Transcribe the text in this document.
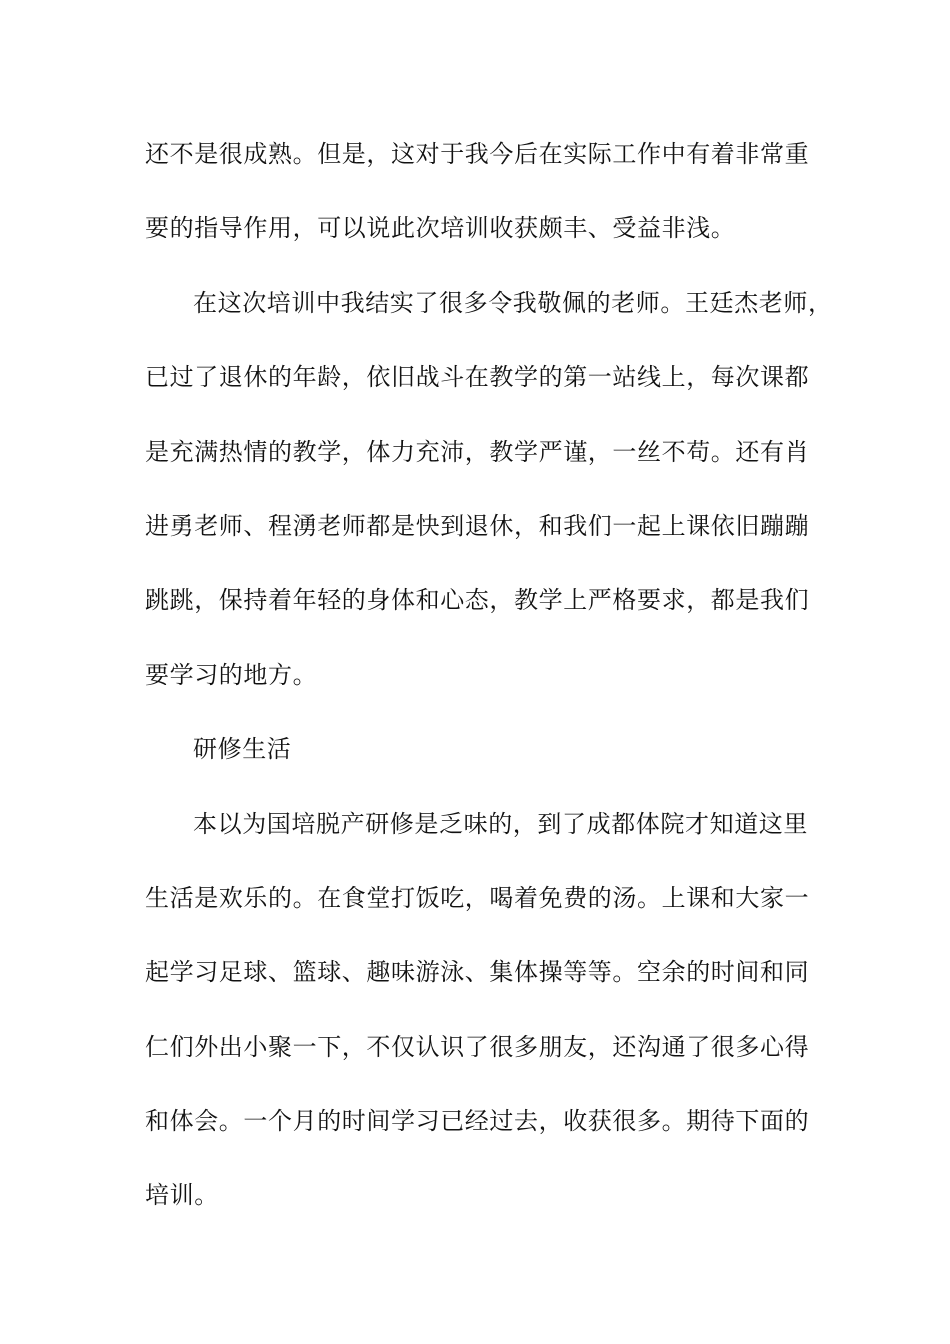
还不是很成熟。但是，这对于我今后在实际工作中有着非常重
要的指导作用，可以说此次培训收获颇丰、受益非浅。
在这次培训中我结实了很多令我敬佩的老师。王廷杰老师，
已过了退休的年龄，依旧战斗在教学的第一站线上，每次课都
是充满热情的教学，体力充沛，教学严谨，一丝不苟。还有肖
进勇老师、程湧老师都是快到退休，和我们一起上课依旧蹦蹦
跳跳，保持着年轻的身体和心态，教学上严格要求，都是我们
要学习的地方。
研修生活
本以为国培脱产研修是乏味的，到了成都体院才知道这里
生活是欢乐的。在食堂打饭吃，喝着免费的汤。上课和大家一
起学习足球、篮球、趣味游泳、集体操等等。空余的时间和同
仁们外出小聚一下，不仅认识了很多朋友，还沟通了很多心得
和体会。一个月的时间学习已经过去，收获很多。期待下面的
培训。
